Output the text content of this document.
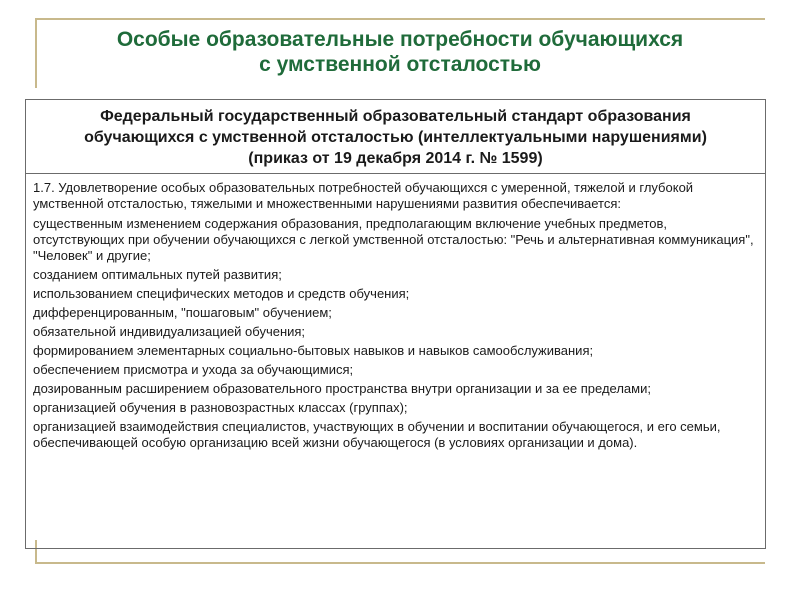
Особые образовательные потребности обучающихся
с умственной отсталостью
Федеральный государственный образовательный стандарт образования
обучающихся с умственной отсталостью (интеллектуальными нарушениями)
(приказ от 19 декабря 2014 г. № 1599)

1.7. Удовлетворение особых образовательных потребностей обучающихся с умеренной, тяжелой и глубокой умственной отсталостью, тяжелыми и множественными нарушениями развития обеспечивается:

существенным изменением содержания образования, предполагающим включение учебных предметов, отсутствующих при обучении обучающихся с легкой умственной отсталостью: "Речь и альтернативная коммуникация", "Человек" и другие;

созданием оптимальных путей развития;

использованием специфических методов и средств обучения;

дифференцированным, "пошаговым" обучением;

обязательной индивидуализацией обучения;

формированием элементарных социально-бытовых навыков и навыков самообслуживания;

обеспечением присмотра и ухода за обучающимися;

дозированным расширением образовательного пространства внутри организации и за ее пределами;

организацией обучения в разновозрастных классах (группах);

организацией взаимодействия специалистов, участвующих в обучении и воспитании обучающегося, и его семьи, обеспечивающей особую организацию всей жизни обучающегося (в условиях организации и дома).
